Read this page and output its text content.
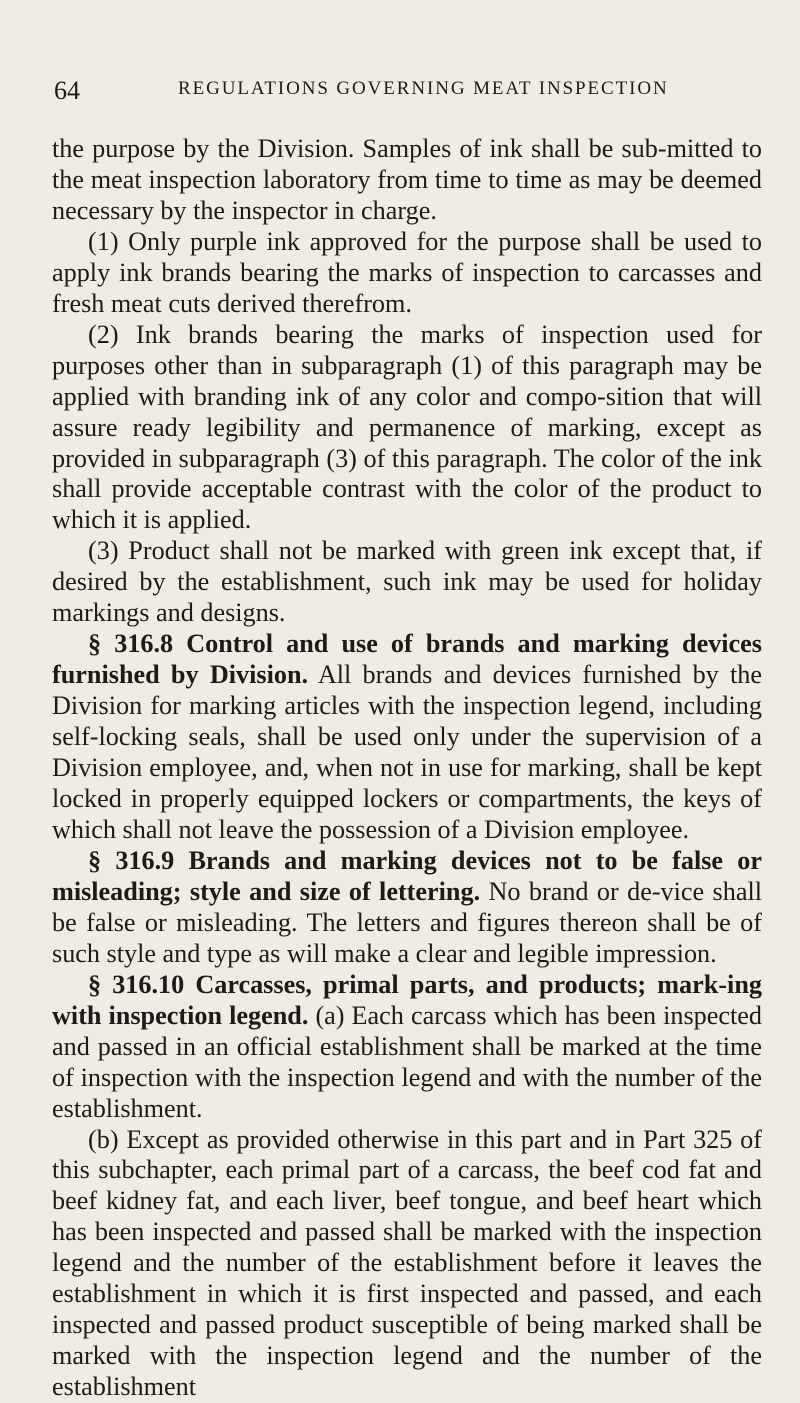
64	REGULATIONS GOVERNING MEAT INSPECTION

the purpose by the Division. Samples of ink shall be sub-mitted to the meat inspection laboratory from time to time as may be deemed necessary by the inspector in charge.

(1) Only purple ink approved for the purpose shall be used to apply ink brands bearing the marks of inspection to carcasses and fresh meat cuts derived therefrom.

(2) Ink brands bearing the marks of inspection used for purposes other than in subparagraph (1) of this paragraph may be applied with branding ink of any color and compo-sition that will assure ready legibility and permanence of marking, except as provided in subparagraph (3) of this paragraph. The color of the ink shall provide acceptable contrast with the color of the product to which it is applied.

(3) Product shall not be marked with green ink except that, if desired by the establishment, such ink may be used for holiday markings and designs.

§ 316.8 Control and use of brands and marking devices furnished by Division. All brands and devices furnished by the Division for marking articles with the inspection legend, including self-locking seals, shall be used only under the supervision of a Division employee, and, when not in use for marking, shall be kept locked in properly equipped lockers or compartments, the keys of which shall not leave the possession of a Division employee.

§ 316.9 Brands and marking devices not to be false or misleading; style and size of lettering. No brand or de-vice shall be false or misleading. The letters and figures thereon shall be of such style and type as will make a clear and legible impression.

§ 316.10 Carcasses, primal parts, and products; mark-ing with inspection legend. (a) Each carcass which has been inspected and passed in an official establishment shall be marked at the time of inspection with the inspection legend and with the number of the establishment.

(b) Except as provided otherwise in this part and in Part 325 of this subchapter, each primal part of a carcass, the beef cod fat and beef kidney fat, and each liver, beef tongue, and beef heart which has been inspected and passed shall be marked with the inspection legend and the number of the establishment before it leaves the establishment in which it is first inspected and passed, and each inspected and passed product susceptible of being marked shall be marked with the inspection legend and the number of the establishment
